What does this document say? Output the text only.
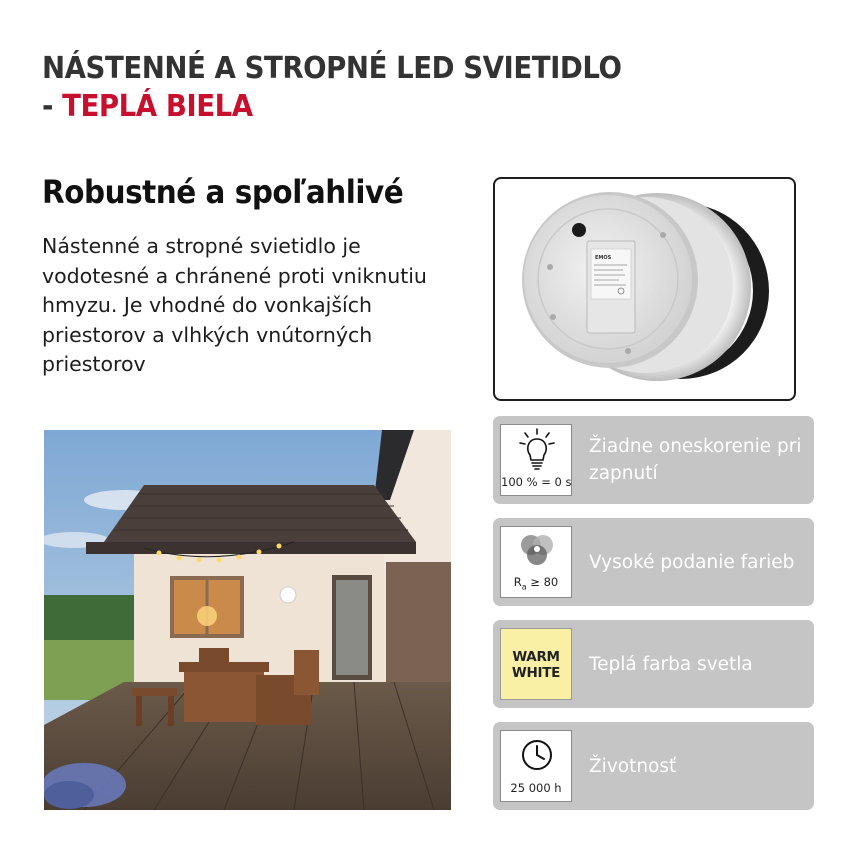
NÁSTENNÉ A STROPNÉ LED SVIETIDLO
- TEPLÁ BIELA
Robustné a spoľahlivé
Nástenné a stropné svietidlo je vodotesné a chránené proti vniknutiu hmyzu. Je vhodné do vonkajších priestorov a vlhkých vnútorných priestorov
EMOS
100 % = 0 s
Žiadne oneskorenie pri zapnutí
$R_a \ge 80$
Vysoké podanie farieb
WARM
WHITE	Teplá farba svetla
25 000 h
Životnosť
